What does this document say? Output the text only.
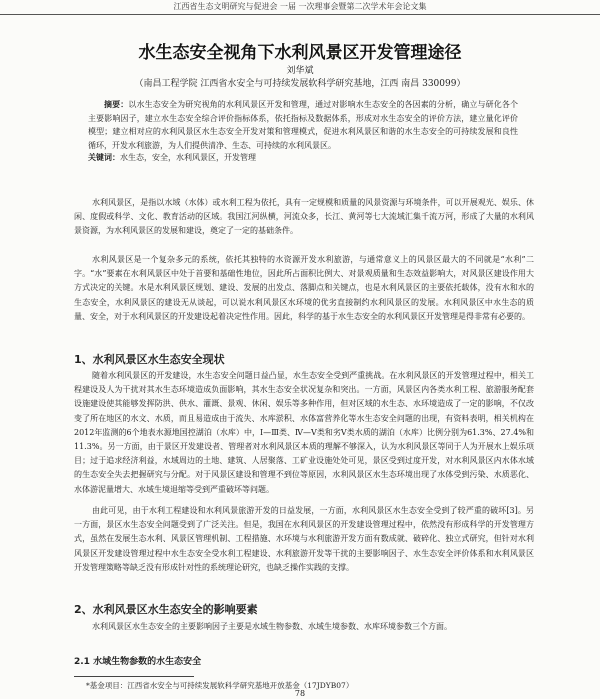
江西省生态文明研究与促进会 一届 一次理事会暨第二次学术年会论文集
水生态安全视角下水利风景区开发管理途径
刘华斌
（南昌工程学院 江西省水安全与可持续发展软科学研究基地，江西 南昌 330099）

摘要：以水生态安全为研究视角的水利风景区开发和管理，通过对影响水生态安全的各因素的分析，确立与研化各个主要影响因子，建立水生态安全综合评价指标体系，依托指标及数据体系，形成对水生态安全的评价方法，建立量化评价模型；建立相对应的水利风景区水生态安全开发对策和管理模式，促进水利风景区和谐的水生态安全的可持续发展和良性循环，开发水利旅游，为人们提供清净、生态、可持续的水利风景区。

关键词：水生态，安全，水利风景区，开发管理

水利风景区，是指以水域（水体）或水利工程为依托，具有一定规模和质量的风景资源与环境条件，可以开展观光、娱乐、休闲、度假或科学、文化、教育活动的区域。我国江河纵横，河流众多，长江、黄河等七大流域汇集千流万河，形成了大量的水利风景资源，为水利风景区的发展和建设，奠定了一定的基础条件。

水利风景区是一个复杂多元的系统，依托其独特的水资源开发水利旅游，与通常意义上的风景区最大的不同就是“水利”二字。“水”要素在水利风景区中处于首要和基础性地位，因此所占面积比例大、对景观质量和生态效益影响大，对风景区建设作用大方式决定的关键。水是水利风景区规划、建设、发展的出发点、落脚点和关键点，也是水利风景区的主要依托载体，没有水和水的生态安全，水利风景区的建设无从谈起，可以说水利风景区水环境的优劣直接制约水利风景区的发展。水利风景区中水生态的质量、安全，对于水利风景区的开发建设起着决定性作用。因此，科学的基于水生态安全的水利风景区开发管理是得非常有必要的。

1、水利风景区水生态安全现状

随着水利风景区的开发建设，水生态安全问题日益凸显，水生态安全受到严重挑战。在水利风景区的开发管理过程中，相关工程建设及人为干扰对其水生态环境造成负面影响，其水生态安全状况复杂和突出。一方面，风景区内各类水利工程、旅游服务配套设施建设使其能够发挥防洪、供水、灌溉、景观、休闲、娱乐等多种作用，但对区域的水生态、水环境造成了一定的影响，不仅改变了所在地区的水文、水质，而且易造成由于流失、水库淤积、水体富营养化等水生态安全问题的出现，有资料表明，相关机构在2012年监测的6个地表水源地国控湖泊（水库）中，Ⅰ—Ⅲ类、Ⅳ—Ⅴ类和劣Ⅴ类水质的湖泊（水库）比例分别为61.3%、27.4%和11.3%。另一方面，由于景区开发建设者、管理者对水利风景区本质的理解不够深入，认为水利风景区等同于人为开展水上娱乐项目；过于追求经济利益，水域周边的土地、建筑、人居聚落、工矿业设施处处可见，景区受到过度开发，对水利风景区内水体水域的生态安全失去把握研究与分配。对于风景区建设和管理不到位等原因，水利风景区水生态环境出现了水体受到污染、水质恶化、水体游泥量增大、水域生境退缩等受到严重破坏等问题。

由此可见，由于水利工程建设和水利风景旅游开发的日益发展，一方面，水利风景区水生态安全受到了较严重的破坏[3]。另一方面，景区水生态安全问题受到了广泛关注。但是，我国在水利风景区的开发建设管理过程中，依然没有形成科学的开发管理方式，虽然在发展生态水利、风景区管理机制、工程措施、水环境与水利旅游开发方面有数成就、破碎化、独立式研究，但针对水利风景区开发建设管理过程中水生态安全受水利工程建设、水利旅游开发等干扰的主要影响因子、水生态安全评价体系和水利风景区开发管理策略等缺乏没有形成针对性的系统理论研究，也缺乏操作实践的支撑。

2、水利风景区水生态安全的影响要素

水利风景区水生态安全的主要影响因子主要是水域生物参数、水域生境参数、水库环境参数三个方面。

2.1 水域生物参数的水生态安全

*基金项目：江西省水安全与可持续发展软科学研究基地开放基金（17JDYB07）

78
